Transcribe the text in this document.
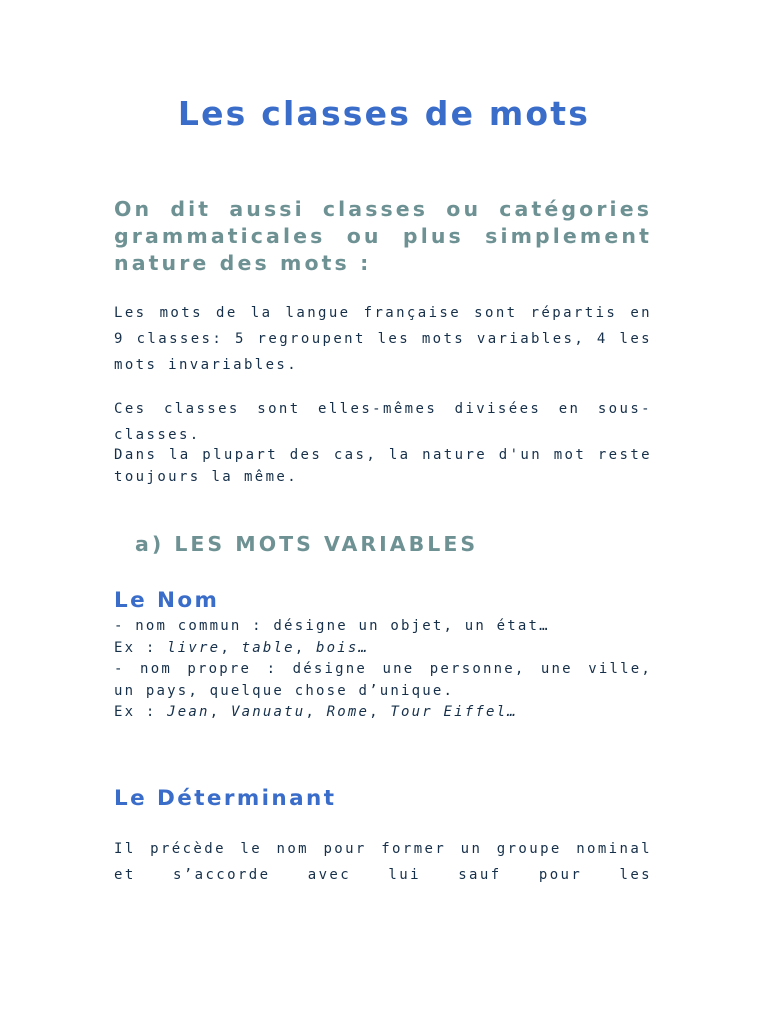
Les classes de mots
On dit aussi classes ou catégories grammaticales ou plus simplement nature des mots :
Les mots de la langue française sont répartis en 9 classes: 5 regroupent les mots variables, 4 les mots invariables.
Ces classes sont elles-mêmes divisées en sous-classes.
Dans la plupart des cas, la nature d'un mot reste toujours la même.
a) LES MOTS VARIABLES
Le Nom
- nom commun : désigne un objet, un état…
Ex : livre, table, bois…
- nom propre : désigne une personne, une ville,
un pays, quelque chose d’unique.
Ex : Jean, Vanuatu, Rome, Tour Eiffel…
Le Déterminant
Il précède le nom pour former un groupe nominal et s’accorde avec lui sauf pour les
